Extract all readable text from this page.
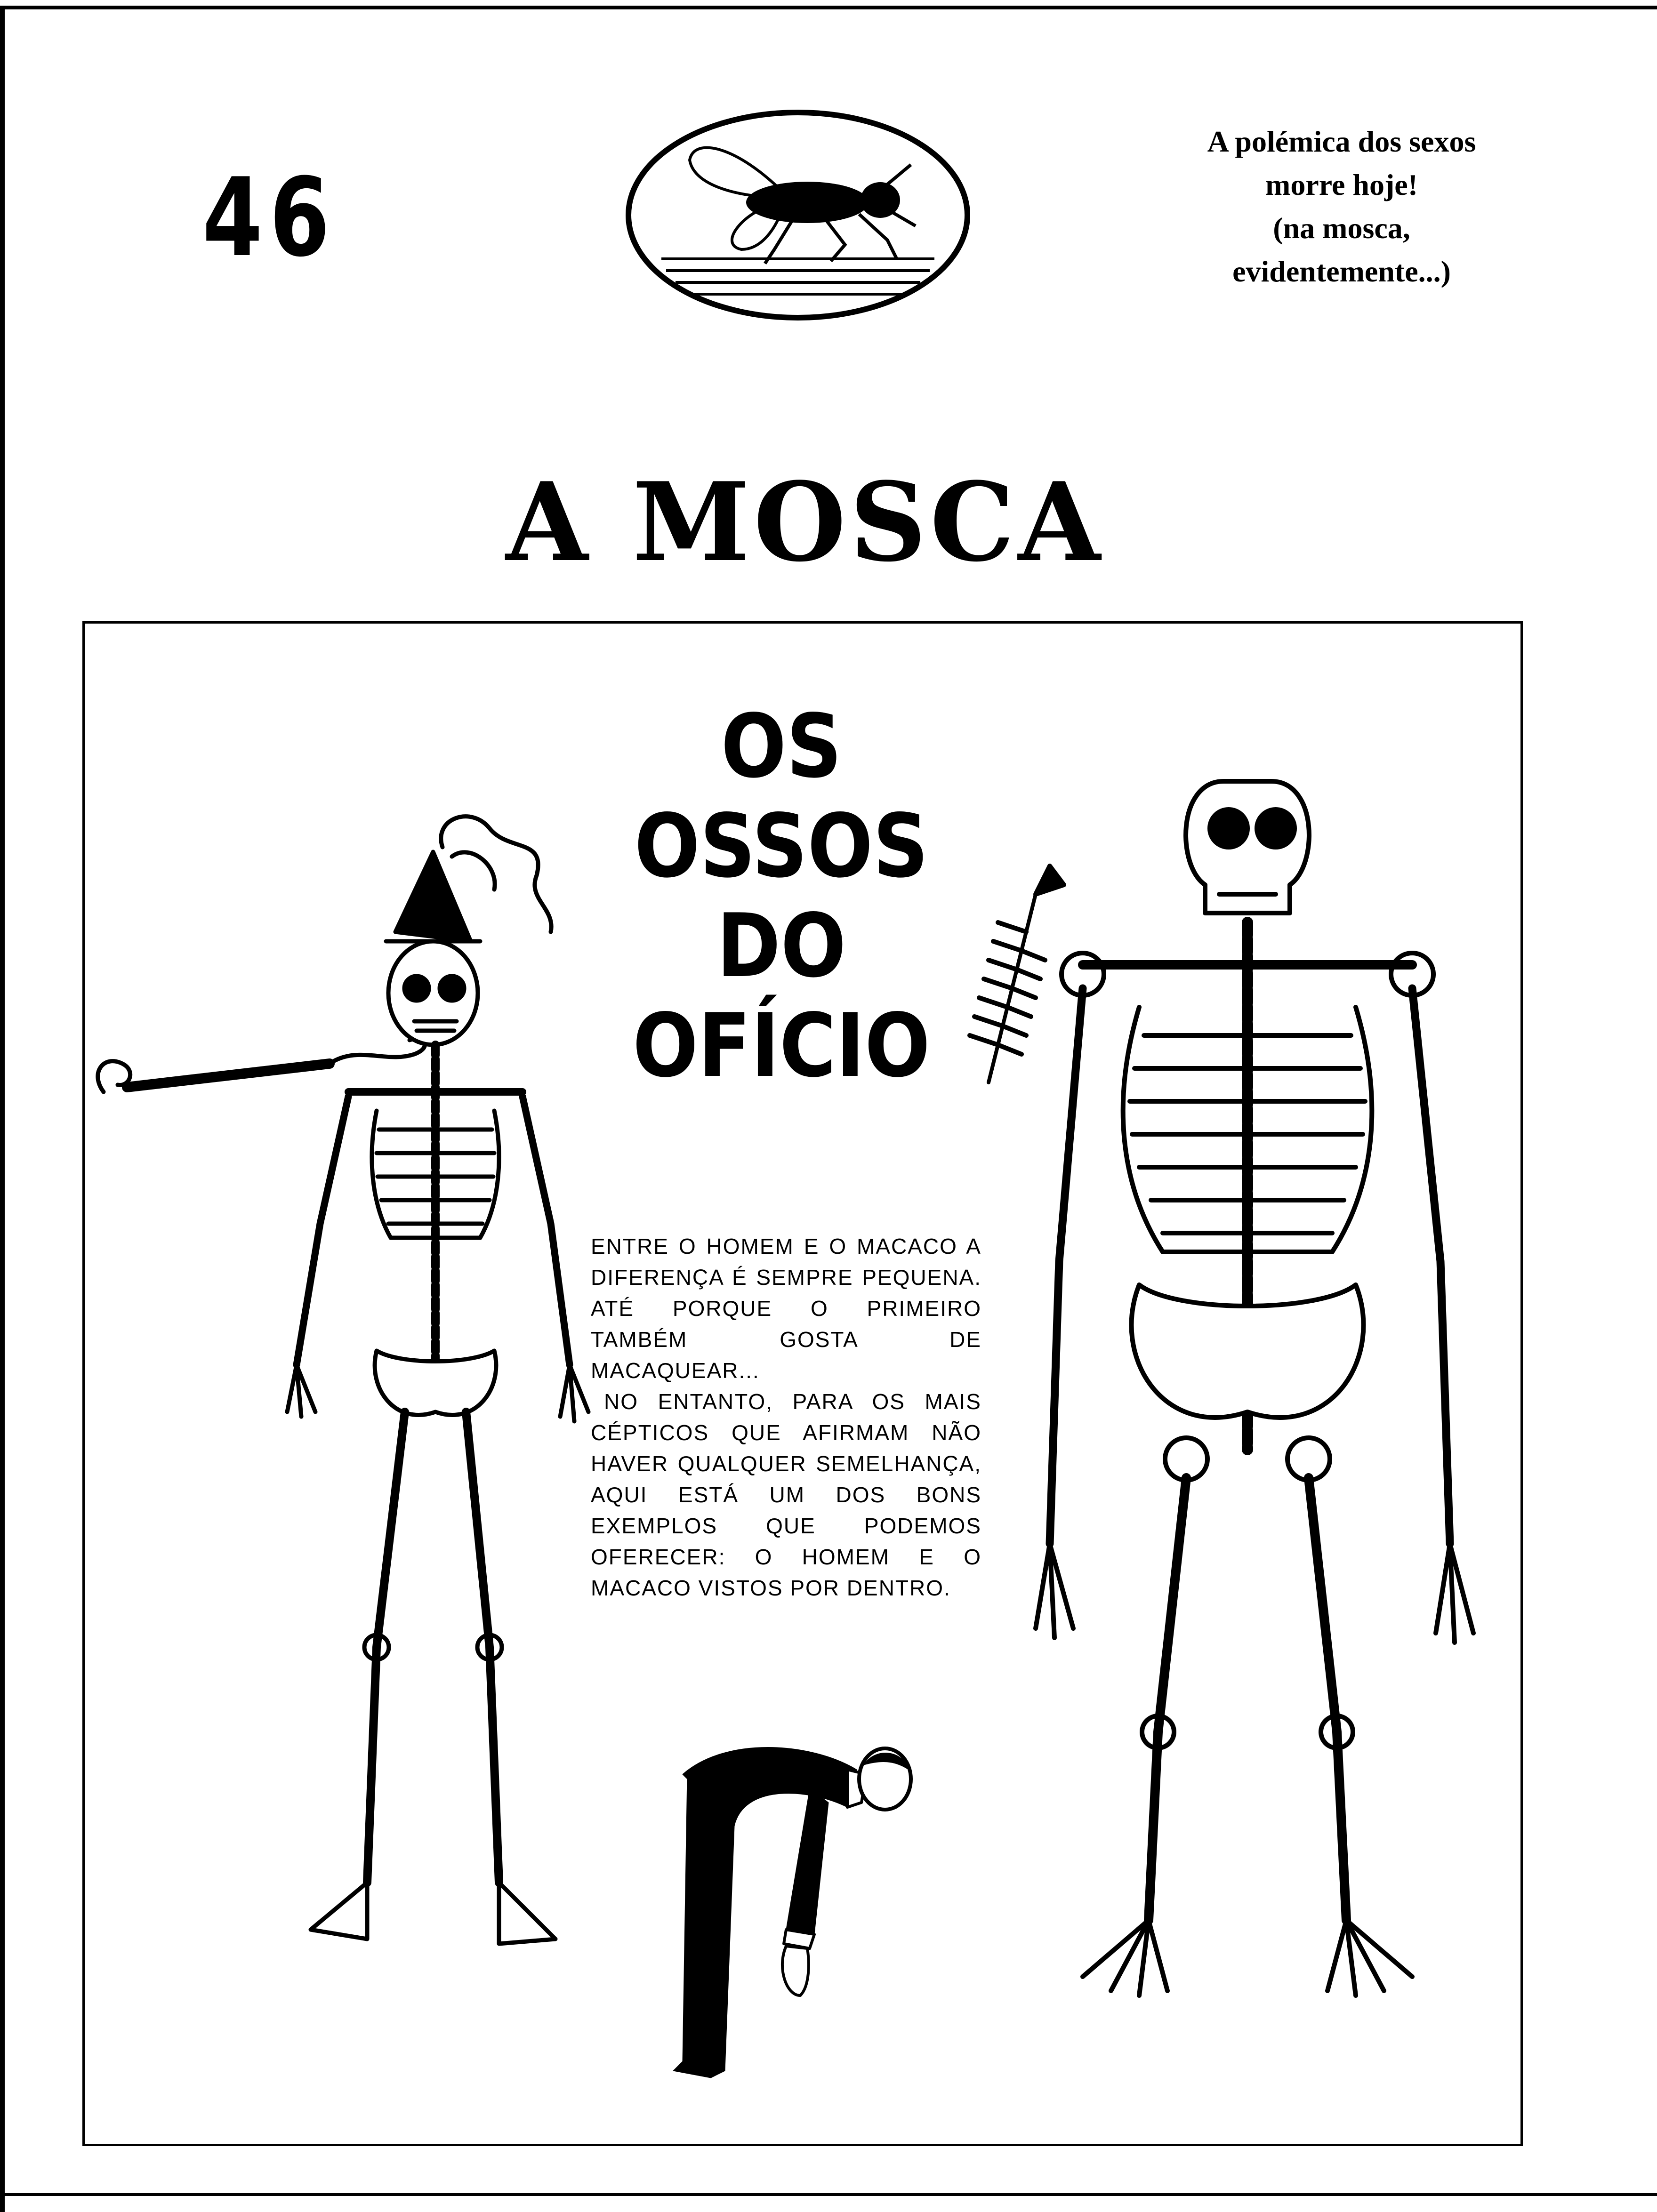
46
A polémica dos sexos
morre hoje!
(na mosca,
evidentemente...)
A MOSCA
OS
OSSOS
DO
OFÍCIO

ENTRE O HOMEM E O MACACO A DIFERENÇA É SEMPRE PEQUENA. ATÉ PORQUE O PRIMEIRO TAMBÉM GOSTA DE MACAQUEAR...

NO ENTANTO, PARA OS MAIS CÉPTICOS QUE AFIRMAM NÃO HAVER QUALQUER SEMELHANÇA, AQUI ESTÁ UM DOS BONS EXEMPLOS QUE PODEMOS OFERECER: O HOMEM E O MACACO VISTOS POR DENTRO.
